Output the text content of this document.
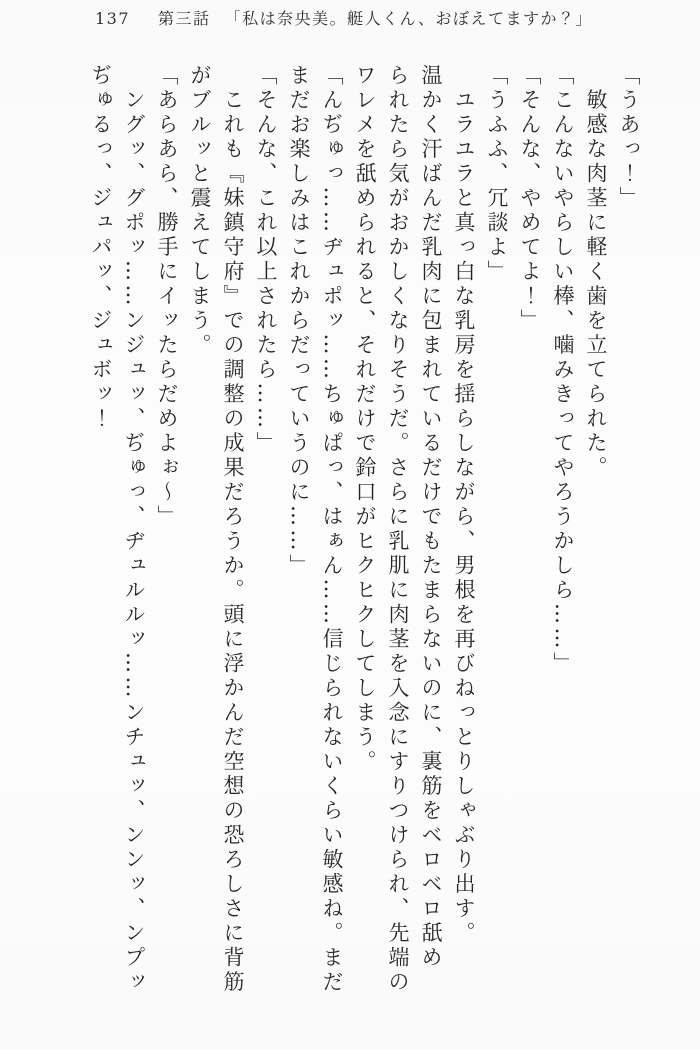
137 第三話 「私は奈央美。艇人くん、おぼえてますか？」

「うあっ！」

　敏感な肉茎に軽く歯を立てられた。

「こんないやらしい棒、噛みきってやろうかしら……」

「そんな、やめてよ！」

「うふふ、冗談よ」

　ユラユラと真っ白な乳房を揺らしながら、男根を再びねっとりしゃぶり出す。

温かく汗ばんだ乳肉に包まれているだけでもたまらないのに、裏筋をベロベロ舐め

られたら気がおかしくなりそうだ。さらに乳肌に肉茎を入念にすりつけられ、先端の

ワレメを舐められると、それだけで鈴口がヒクヒクしてしまう。

「んぢゅっ……ヂュポッ……ちゅぱっ、はぁん……信じられないくらい敏感ね。まだ

まだお楽しみはこれからだっていうのに……」

「そんな、これ以上されたら……」

　これも『妹鎮守府』での調整の成果だろうか。頭に浮かんだ空想の恐ろしさに背筋

がブルッと震えてしまう。

「あらあら、勝手にイッたらだめよぉ～」

　ングッ、グポッ……ンジュッ、ぢゅっ、ヂュルルッ……ンチュッ、ンンッ、ンプッ

ぢゅるっ、ジュパッ、ジュボッ！
